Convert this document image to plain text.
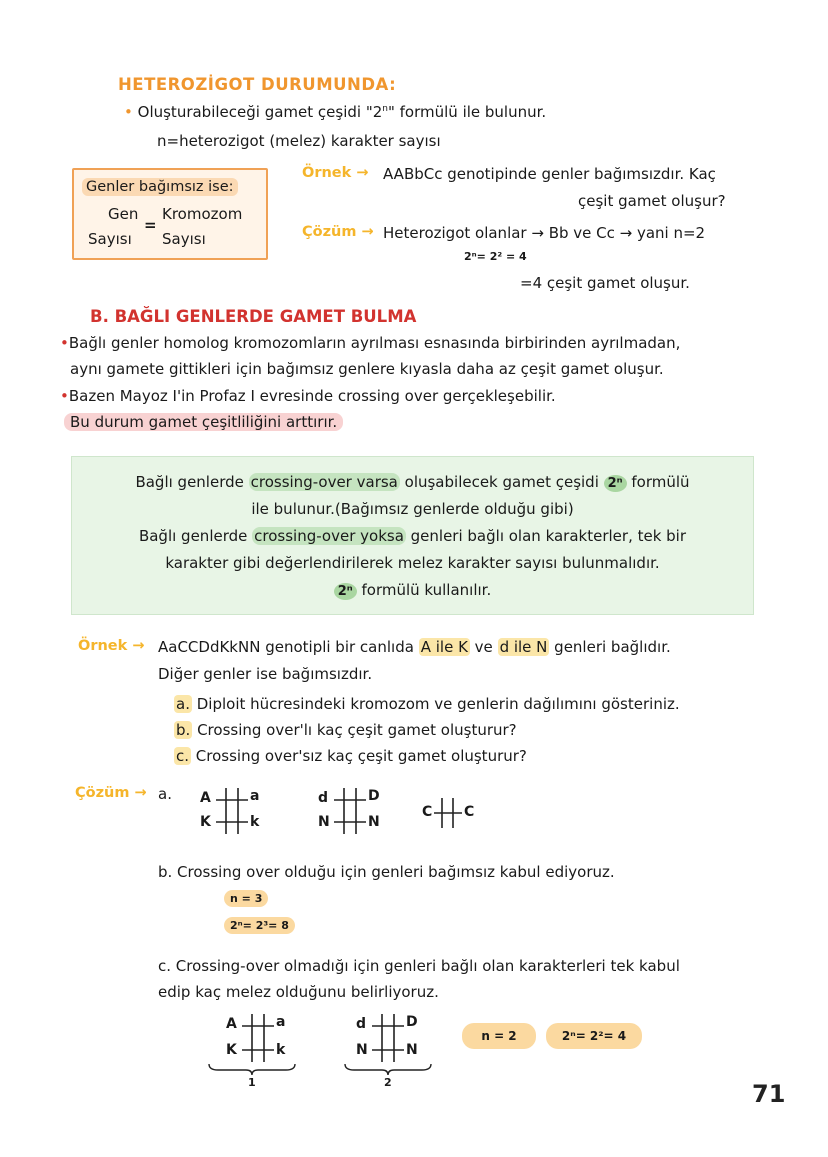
HETEROZİGOT DURUMUNDA:
• Oluşturabileceği gamet çeşidi "2$^n$" formülü ile bulunur.
n=heterozigot (melez) karakter sayısı
Genler bağımsız ise:
Gen
Sayısı
=
Kromozom
Sayısı
Örnek → AABbCc genotipinde genler bağımsızdır. Kaç
çeşit gamet oluşur?
Çözüm → Heterozigot olanlar → Bb ve Cc → yani n=2
2ⁿ= 2² = 4
=4 çeşit gamet oluşur.
B. BAĞLI GENLERDE GAMET BULMA
•Bağlı genler homolog kromozomların ayrılması esnasında birbirinden ayrılmadan,
aynı gamete gittikleri için bağımsız genlere kıyasla daha az çeşit gamet oluşur.
•Bazen Mayoz I'in Profaz I evresinde crossing over gerçekleşebilir.
Bu durum gamet çeşitliliğini arttırır.
Bağlı genlerde crossing-over varsa oluşabilecek gamet çeşidi 2ⁿ formülü
ile bulunur.(Bağımsız genlerde olduğu gibi)
Bağlı genlerde crossing-over yoksa genleri bağlı olan karakterler, tek bir
karakter gibi değerlendirilerek melez karakter sayısı bulunmalıdır.
2ⁿ formülü kullanılır.
Örnek → AaCCDdKkNN genotipli bir canlıda A ile K ve d ile N genleri bağlıdır.
Diğer genler ise bağımsızdır.
a. Diploit hücresindeki kromozom ve genlerin dağılımını gösteriniz.
b. Crossing over'lı kaç çeşit gamet oluşturur?
c. Crossing over'sız kaç çeşit gamet oluşturur?
Çözüm → a. A	a
K	k
d	D
N	N
C C
b. Crossing over olduğu için genleri bağımsız kabul ediyoruz.
n = 3
2ⁿ= 2³= 8
c. Crossing-over olmadığı için genleri bağlı olan karakterleri tek kabul
edip kaç melez olduğunu belirliyoruz.
A	a
K	k
d	D
N	N
1	2
n = 2	2ⁿ= 2²= 4
71
